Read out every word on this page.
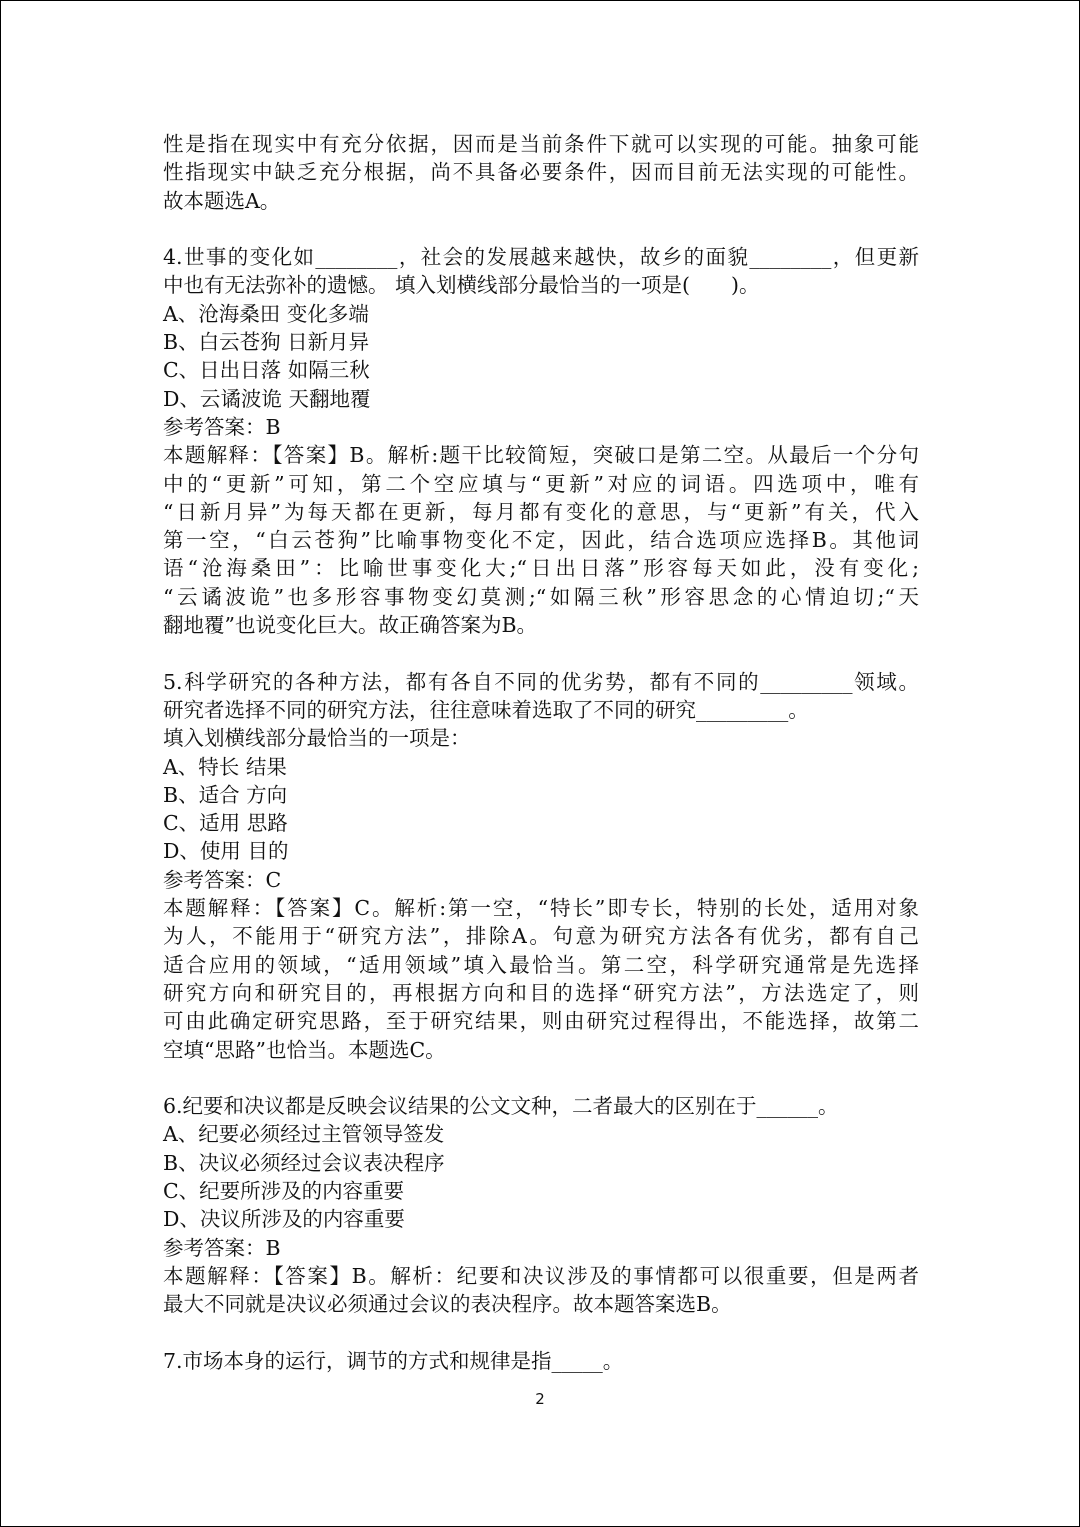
性是指在现实中有充分依据，因而是当前条件下就可以实现的可能。抽象可能
性指现实中缺乏充分根据，尚不具备必要条件，因而目前无法实现的可能性。
故本题选A。
4.世事的变化如________，社会的发展越来越快，故乡的面貌________，但更新
中也有无法弥补的遗憾。 填入划横线部分最恰当的一项是(　　)。
A、沧海桑田 变化多端
B、白云苍狗 日新月异
C、日出日落 如隔三秋
D、云谲波诡 天翻地覆
参考答案：B
本题解释：【答案】B。解析:题干比较简短，突破口是第二空。从最后一个分句
中的“更新”可知，第二个空应填与“更新”对应的词语。四选项中，唯有
“日新月异”为每天都在更新，每月都有变化的意思，与“更新”有关，代入
第一空，“白云苍狗”比喻事物变化不定，因此，结合选项应选择B。其他词
语“沧海桑田”：比喻世事变化大;“日出日落”形容每天如此，没有变化;
“云谲波诡”也多形容事物变幻莫测;“如隔三秋”形容思念的心情迫切;“天
翻地覆”也说变化巨大。故正确答案为B。
5.科学研究的各种方法，都有各自不同的优劣势，都有不同的_________领域。
研究者选择不同的研究方法，往往意味着选取了不同的研究_________。
填入划横线部分最恰当的一项是：
A、特长 结果
B、适合 方向
C、适用 思路
D、使用 目的
参考答案：C
本题解释：【答案】C。解析:第一空，“特长”即专长，特别的长处，适用对象
为人，不能用于“研究方法”，排除A。句意为研究方法各有优劣，都有自己
适合应用的领域，“适用领域”填入最恰当。第二空，科学研究通常是先选择
研究方向和研究目的，再根据方向和目的选择“研究方法”，方法选定了，则
可由此确定研究思路，至于研究结果，则由研究过程得出，不能选择，故第二
空填“思路”也恰当。本题选C。
6.纪要和决议都是反映会议结果的公文文种，二者最大的区别在于______。
A、纪要必须经过主管领导签发
B、决议必须经过会议表决程序
C、纪要所涉及的内容重要
D、决议所涉及的内容重要
参考答案：B
本题解释：【答案】B。解析：纪要和决议涉及的事情都可以很重要，但是两者
最大不同就是决议必须通过会议的表决程序。故本题答案选B。
7.市场本身的运行，调节的方式和规律是指_____。
2
